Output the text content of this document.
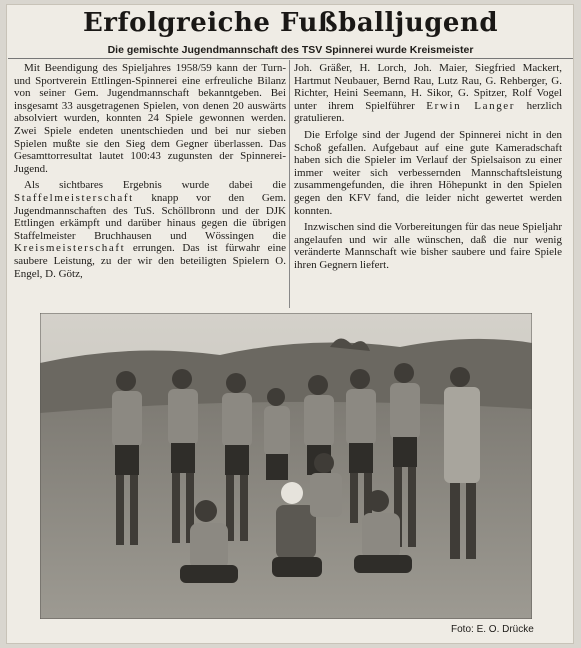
Erfolgreiche Fußballjugend
Die gemischte Jugendmannschaft des TSV Spinnerei wurde Kreismeister

Mit Beendigung des Spieljahres 1958/59 kann der Turn- und Sportverein Ettlingen-Spinnerei eine erfreuliche Bilanz von seiner Gem. Jugendmannschaft bekanntgeben. Bei insgesamt 33 ausgetragenen Spielen, von denen 20 auswärts absolviert wurden, konnten 24 Spiele gewonnen werden. Zwei Spiele endeten unentschieden und bei nur sieben Spielen mußte sie den Sieg dem Gegner überlassen. Das Gesamttorresultat lautet 100:43 zugunsten der Spinnerei-Jugend.

Als sichtbares Ergebnis wurde dabei die Staffelmeisterschaft knapp vor den Gem. Jugendmannschaften des TuS. Schöllbronn und der DJK Ettlingen erkämpft und darüber hinaus gegen die übrigen Staffelmeister Bruchhausen und Wössingen die Kreismeisterschaft errungen. Das ist fürwahr eine saubere Leistung, zu der wir den beteiligten Spielern O. Engel, D. Götz,

Joh. Gräßer, H. Lorch, Joh. Maier, Siegfried Mackert, Hartmut Neubauer, Bernd Rau, Lutz Rau, G. Rehberger, G. Richter, Heini Seemann, H. Sikor, G. Spitzer, Rolf Vogel unter ihrem Spielführer Erwin Langer herzlich gratulieren.

Die Erfolge sind der Jugend der Spinnerei nicht in den Schoß gefallen. Aufgebaut auf eine gute Kameradschaft haben sich die Spieler im Verlauf der Spielsaison zu einer immer weiter sich verbessernden Mannschaftsleistung zusammengefunden, die ihren Höhepunkt in den Spielen gegen den KFV fand, die leider nicht gewertet werden konnten.

Inzwischen sind die Vorbereitungen für das neue Spieljahr angelaufen und wir alle wünschen, daß die nur wenig veränderte Mannschaft wie bisher saubere und faire Spiele ihren Gegnern liefert.

Foto: E. O. Drücke
